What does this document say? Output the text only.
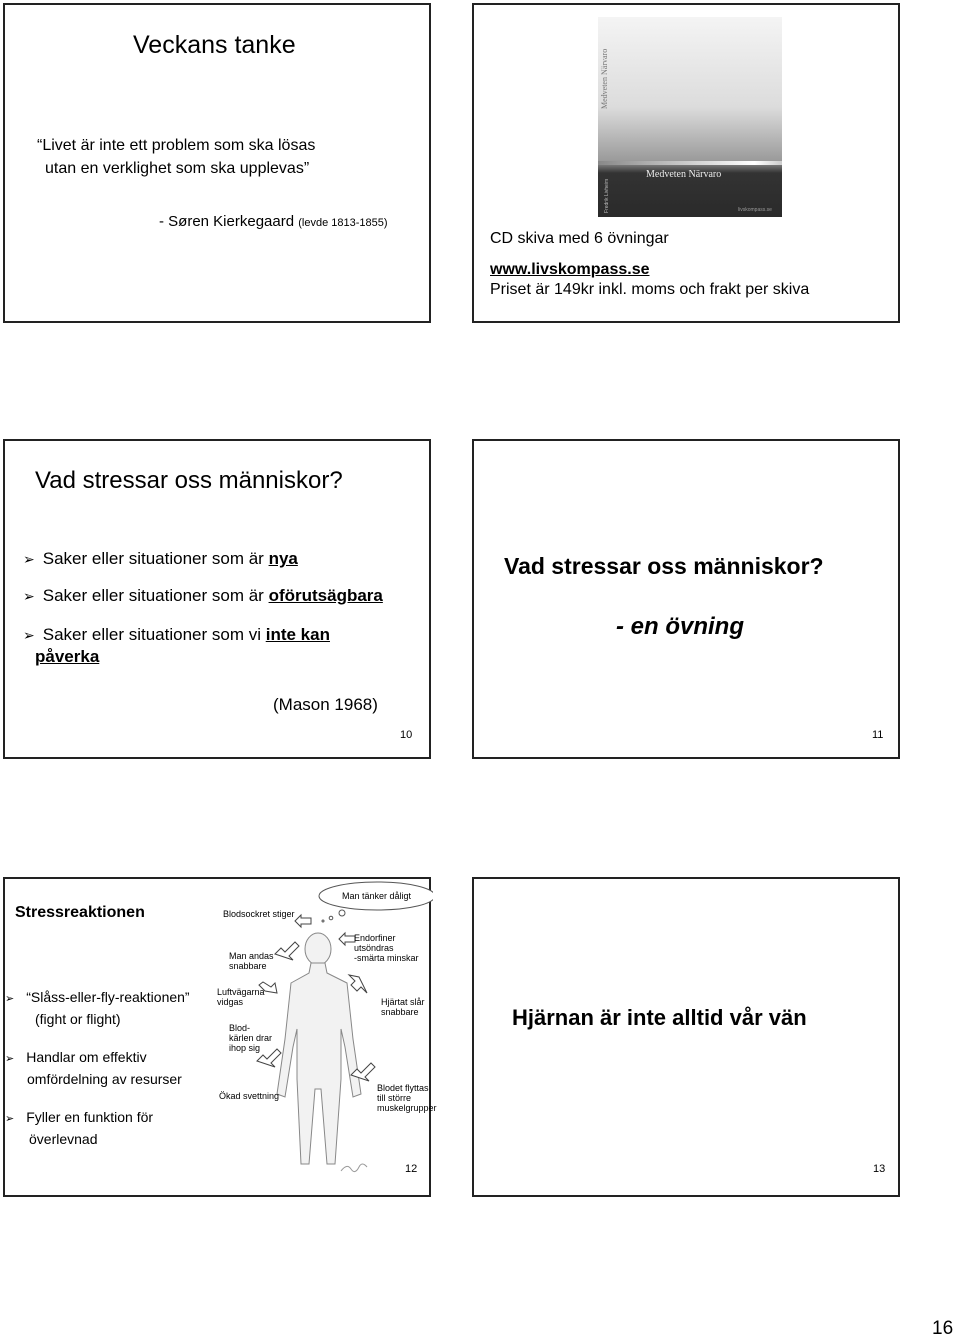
Veckans tanke
“Livet är inte ett problem som ska lösas
utan en verklighet som ska upplevas”
- Søren Kierkegaard (levde 1813-1855)
Medveten Närvaro
Medveten Närvaro
Fredrik Livheim	livskompass.se
CD skiva med 6 övningar
www.livskompass.se
Priset är 149kr inkl. moms och frakt per skiva
Vad stressar oss människor?
➢ Saker eller situationer som är nya
➢ Saker eller situationer som är oförutsägbara
➢ Saker eller situationer som vi inte kan
påverka
(Mason 1968)
10
Vad stressar oss människor?
- en övning
11
Stressreaktionen
➢ “Slåss-eller-fly-reaktionen”
(fight or flight)
➢ Handlar om effektiv
omfördelning av resurser
➢ Fyller en funktion för
överlevnad
Man tänker dåligt
Blodsockret stiger
Man andas
snabbare
Endorfiner utsöndras
-smärta minskar
Luftvägarna
vidgas	Hjärtat slår
snabbare
Blod-
kärlen drar
ihop sig
Ökad svettning
Blodet flyttas
till större
muskelgrupper
12
Hjärnan är inte alltid vår vän
13
16
